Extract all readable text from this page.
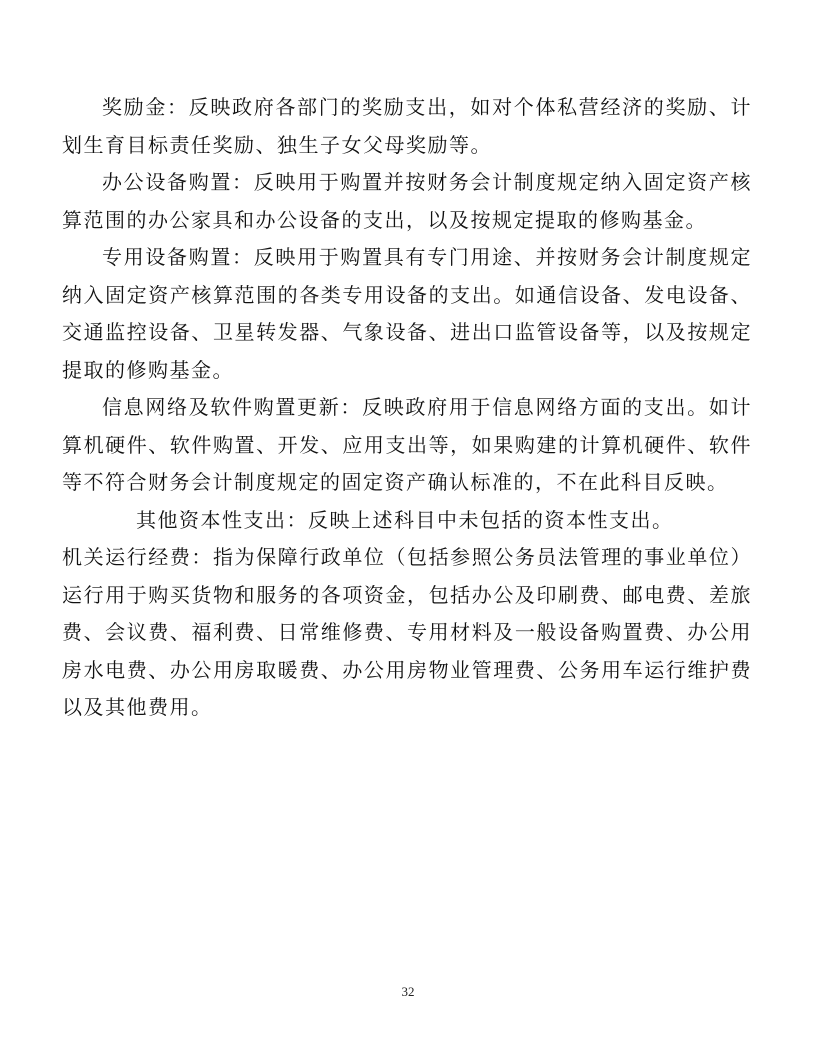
奖励金：反映政府各部门的奖励支出，如对个体私营经济的奖励、计划生育目标责任奖励、独生子女父母奖励等。

办公设备购置：反映用于购置并按财务会计制度规定纳入固定资产核算范围的办公家具和办公设备的支出，以及按规定提取的修购基金。

专用设备购置：反映用于购置具有专门用途、并按财务会计制度规定纳入固定资产核算范围的各类专用设备的支出。如通信设备、发电设备、交通监控设备、卫星转发器、气象设备、进出口监管设备等，以及按规定提取的修购基金。

信息网络及软件购置更新：反映政府用于信息网络方面的支出。如计算机硬件、软件购置、开发、应用支出等，如果购建的计算机硬件、软件等不符合财务会计制度规定的固定资产确认标准的，不在此科目反映。

其他资本性支出：反映上述科目中未包括的资本性支出。

机关运行经费：指为保障行政单位（包括参照公务员法管理的事业单位）运行用于购买货物和服务的各项资金，包括办公及印刷费、邮电费、差旅费、会议费、福利费、日常维修费、专用材料及一般设备购置费、办公用房水电费、办公用房取暖费、办公用房物业管理费、公务用车运行维护费以及其他费用。

32
